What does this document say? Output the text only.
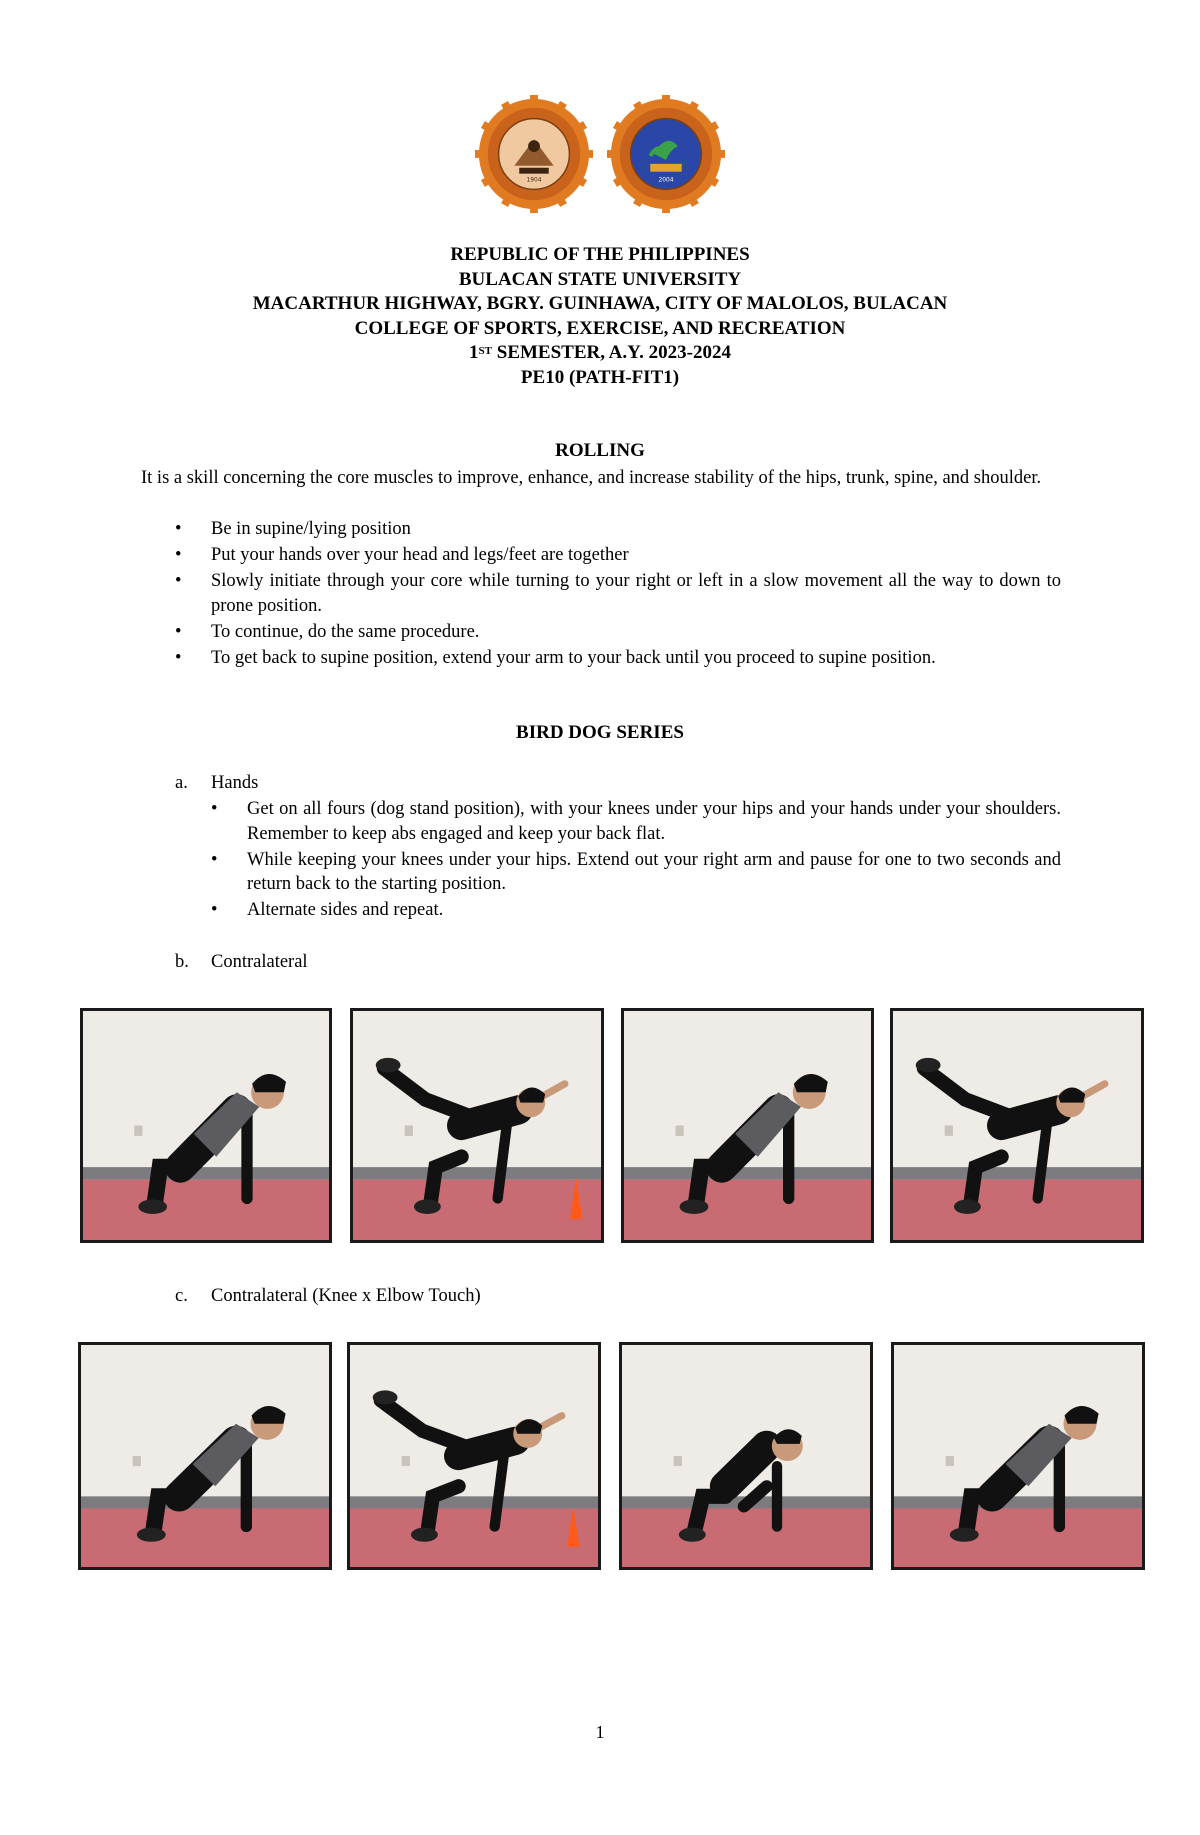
1904	2004
REPUBLIC OF THE PHILIPPINES
BULACAN STATE UNIVERSITY
MACARTHUR HIGHWAY, BGRY. GUINHAWA, CITY OF MALOLOS, BULACAN
COLLEGE OF SPORTS, EXERCISE, AND RECREATION
1ST SEMESTER, A.Y. 2023-2024
PE10 (PATH-FIT1)
ROLLING
It is a skill concerning the core muscles to improve, enhance, and increase stability of the hips, trunk, spine, and shoulder.
• Be in supine/lying position
• Put your hands over your head and legs/feet are together
• Slowly initiate through your core while turning to your right or left in a slow movement all the way to down to prone position.
• To continue, do the same procedure.
• To get back to supine position, extend your arm to your back until you proceed to supine position.
BIRD DOG SERIES
a. Hands
• Get on all fours (dog stand position), with your knees under your hips and your hands under your shoulders. Remember to keep abs engaged and keep your back flat.
• While keeping your knees under your hips. Extend out your right arm and pause for one to two seconds and return back to the starting position.
• Alternate sides and repeat.
b. Contralateral
c. Contralateral (Knee x Elbow Touch)
1
